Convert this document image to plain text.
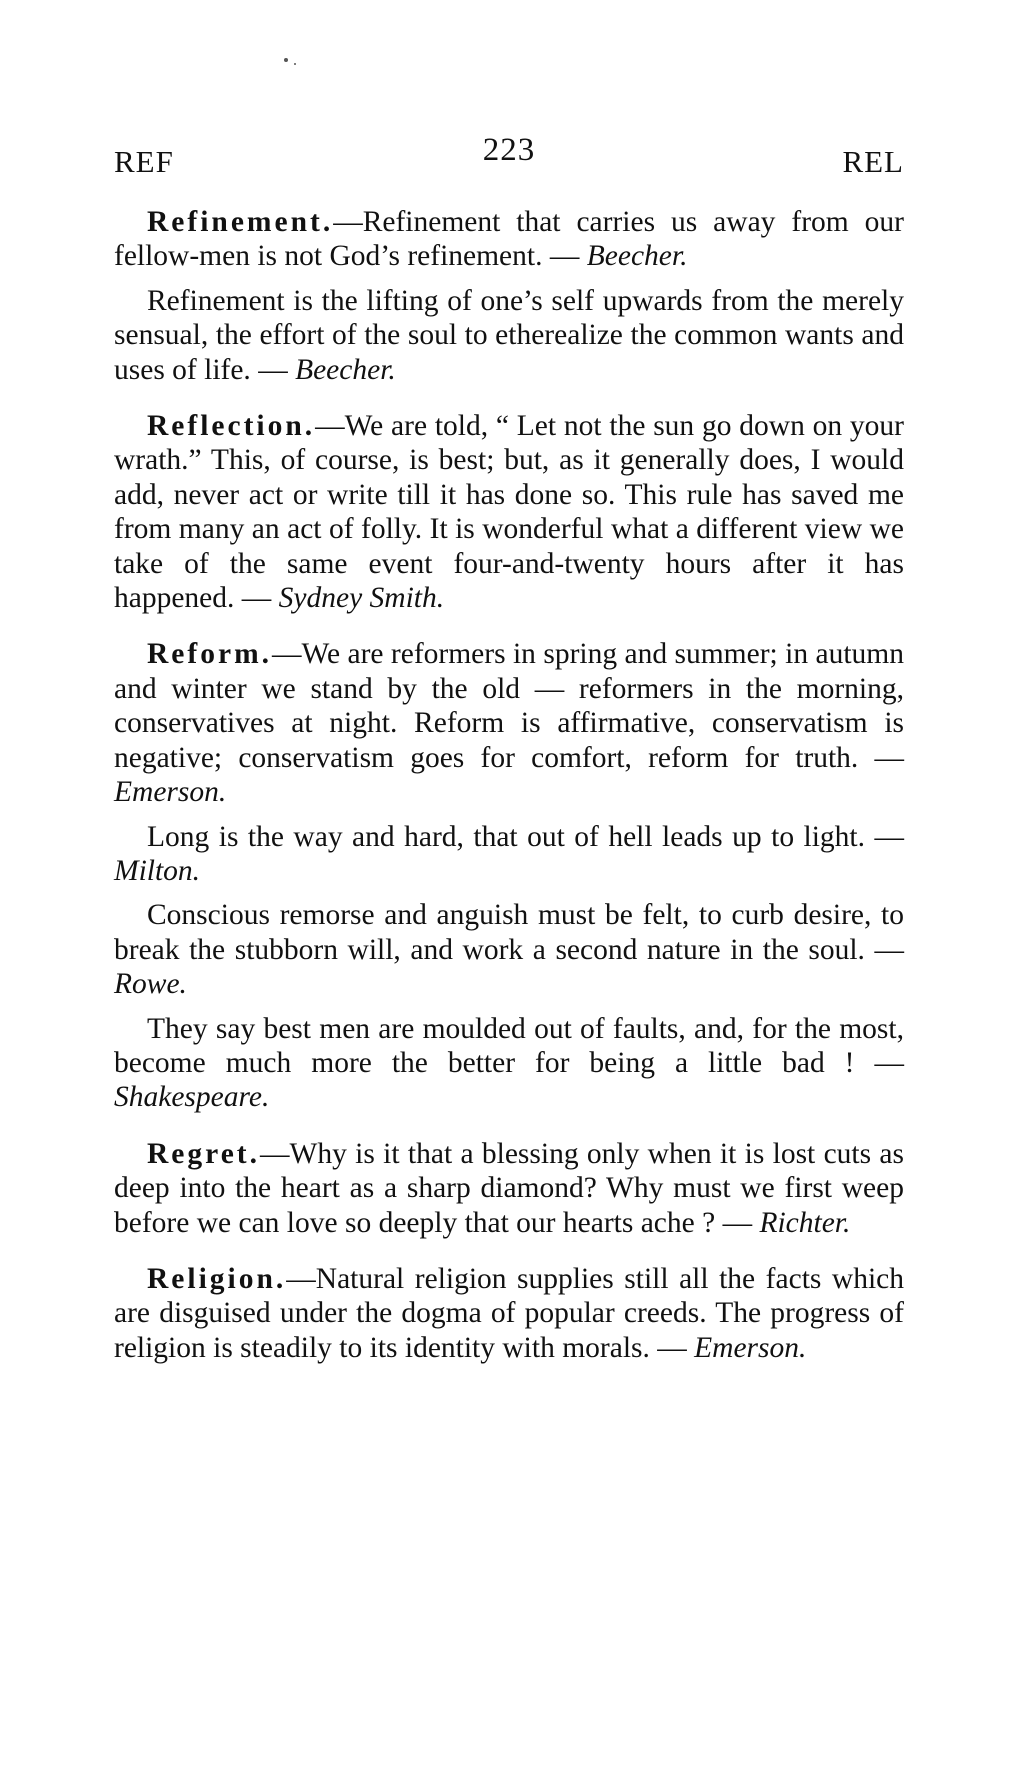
REF	223	REL

Refinement.—Refinement that carries us away from our fellow-men is not God’s refinement. — Beecher.

Refinement is the lifting of one’s self upwards from the merely sensual, the effort of the soul to etherealize the common wants and uses of life. — Beecher.

Reflection.—We are told, “ Let not the sun go down on your wrath.” This, of course, is best; but, as it generally does, I would add, never act or write till it has done so. This rule has saved me from many an act of folly. It is wonderful what a different view we take of the same event four-and-twenty hours after it has happened. — Sydney Smith.

Reform.—We are reformers in spring and summer; in autumn and winter we stand by the old — reformers in the morning, conservatives at night. Reform is affirmative, conservatism is negative; conservatism goes for comfort, reform for truth. — Emerson.

Long is the way and hard, that out of hell leads up to light. — Milton.

Conscious remorse and anguish must be felt, to curb desire, to break the stubborn will, and work a second nature in the soul. — Rowe.

They say best men are moulded out of faults, and, for the most, become much more the better for being a little bad ! — Shakespeare.

Regret.—Why is it that a blessing only when it is lost cuts as deep into the heart as a sharp diamond? Why must we first weep before we can love so deeply that our hearts ache ? — Richter.

Religion.—Natural religion supplies still all the facts which are disguised under the dogma of popular creeds. The progress of religion is steadily to its identity with morals. — Emerson.
